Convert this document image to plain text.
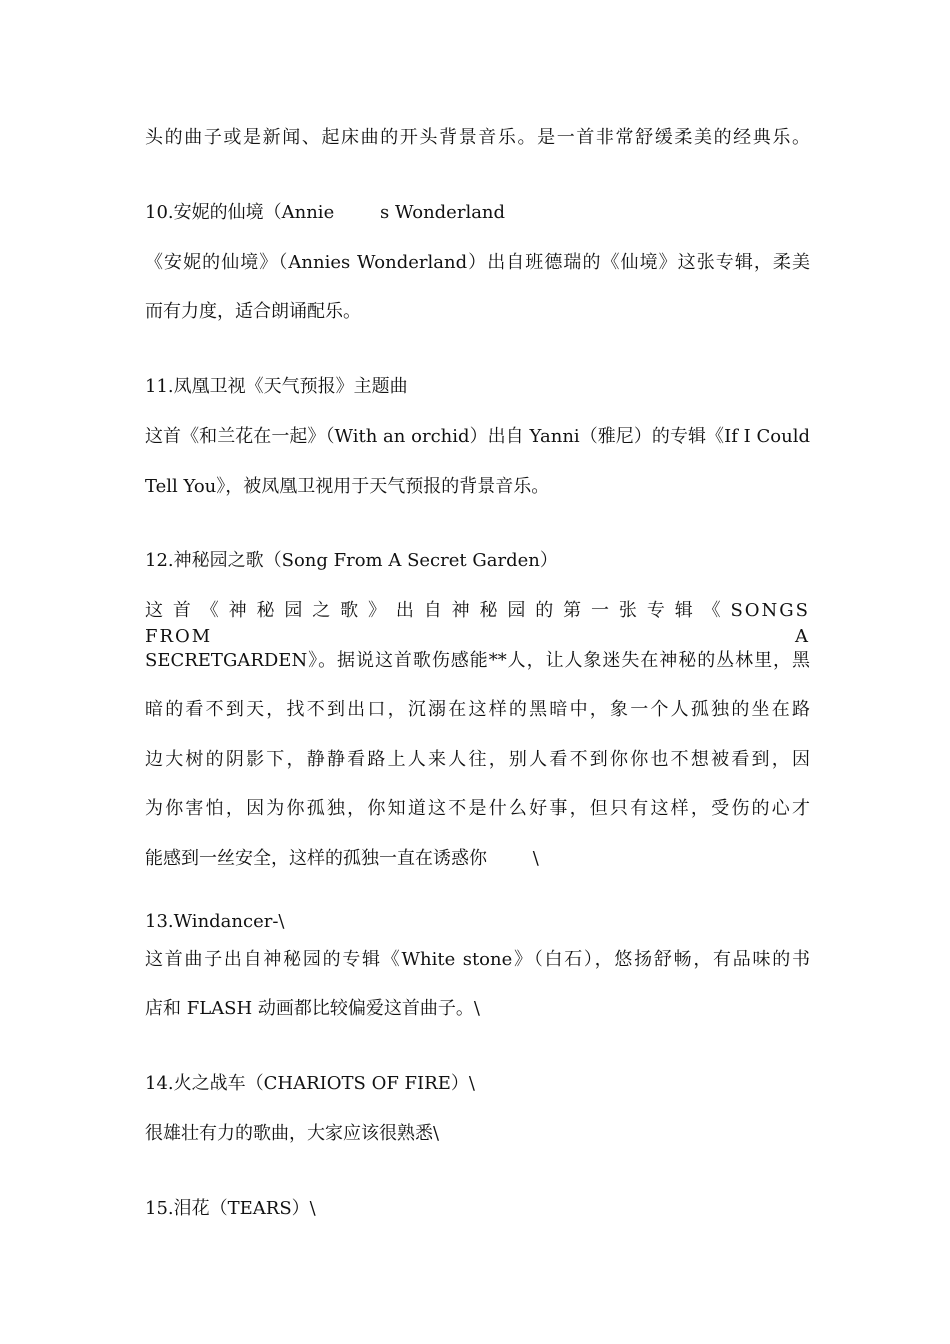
头的曲子或是新闻、起床曲的开头背景音乐。是一首非常舒缓柔美的经典乐。
10.安妮的仙境（Annie        s Wonderland
《安妮的仙境》（Annies Wonderland）出自班德瑞的《仙境》这张专辑，柔美
而有力度，适合朗诵配乐。
11.凤凰卫视《天气预报》主题曲
这首《和兰花在一起》（With an orchid）出自 Yanni（雅尼）的专辑《If I Could
Tell You》，被凤凰卫视用于天气预报的背景音乐。
12.神秘园之歌（Song From A Secret Garden）
这 首 《 神 秘 园 之 歌 》 出 自 神 秘 园 的 第 一 张 专 辑 《 SONGS FROM A
SECRETGARDEN》。据说这首歌伤感能**人，让人象迷失在神秘的丛林里，黑
暗的看不到天，找不到出口，沉溺在这样的黑暗中，象一个人孤独的坐在路
边大树的阴影下，静静看路上人来人往，别人看不到你你也不想被看到，因
为你害怕，因为你孤独，你知道这不是什么好事，但只有这样，受伤的心才
能感到一丝安全，这样的孤独一直在诱惑你        \
13.Windancer-\
这首曲子出自神秘园的专辑《White stone》（白石），悠扬舒畅，有品味的书
店和 FLASH 动画都比较偏爱这首曲子。\
14.火之战车（CHARIOTS OF FIRE）\
很雄壮有力的歌曲，大家应该很熟悉\
15.泪花（TEARS）\
